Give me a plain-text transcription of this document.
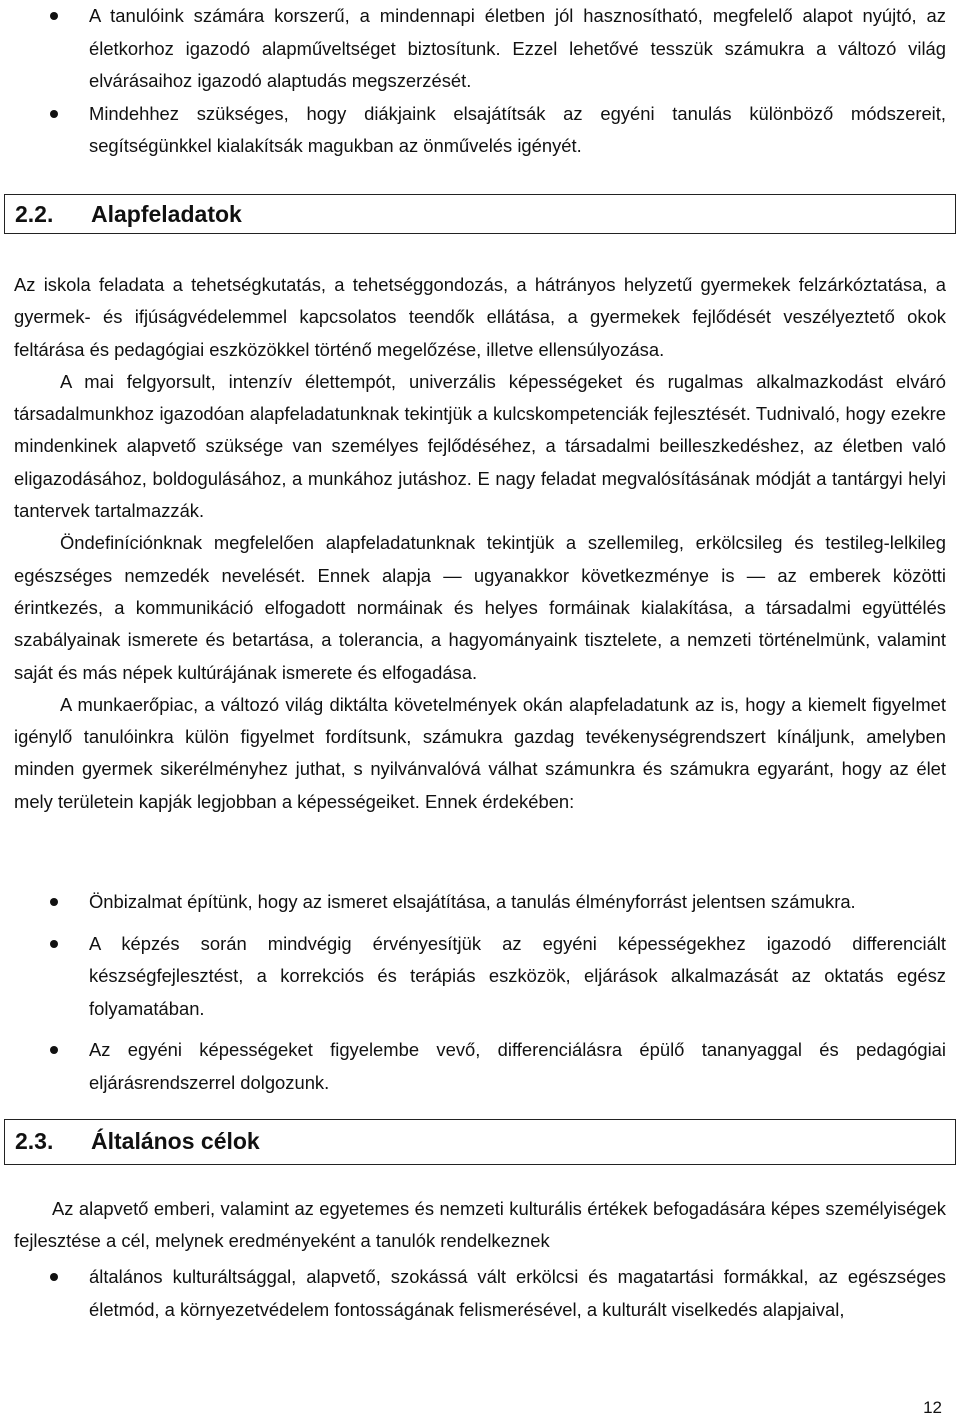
A tanulóink számára korszerű, a mindennapi életben jól hasznosítható, megfelelő alapot nyújtó, az életkorhoz igazodó alapműveltséget biztosítunk. Ezzel lehetővé tesszük számukra a változó világ elvárásaihoz igazodó alaptudás megszerzését.
Mindehhez szükséges, hogy diákjaink elsajátítsák az egyéni tanulás különböző módszereit, segítségünkkel kialakítsák magukban az önművelés igényét.
2.2. Alapfeladatok
Az iskola feladata a tehetségkutatás, a tehetséggondozás, a hátrányos helyzetű gyermekek felzárkóztatása, a gyermek- és ifjúságvédelemmel kapcsolatos teendők ellátása, a gyermekek fejlődését veszélyeztető okok feltárása és pedagógiai eszközökkel történő megelőzése, illetve ellensúlyozása.
A mai felgyorsult, intenzív élettempót, univerzális képességeket és rugalmas alkalmazkodást elváró társadalmunkhoz igazodóan alapfeladatunknak tekintjük a kulcskompetenciák fejlesztését. Tudnivaló, hogy ezekre mindenkinek alapvető szüksége van személyes fejlődéséhez, a társadalmi beilleszkedéshez, az életben való eligazodásához, boldogulásához, a munkához jutáshoz. E nagy feladat megvalósításának módját a tantárgyi helyi tantervek tartalmazzák.
Öndefiníciónknak megfelelően alapfeladatunknak tekintjük a szellemileg, erkölcsileg és testileg-lelkileg egészséges nemzedék nevelését. Ennek alapja — ugyanakkor következménye is — az emberek közötti érintkezés, a kommunikáció elfogadott normáinak és helyes formáinak kialakítása, a társadalmi együttélés szabályainak ismerete és betartása, a tolerancia, a hagyományaink tisztelete, a nemzeti történelmünk, valamint saját és más népek kultúrájának ismerete és elfogadása.
A munkaerőpiac, a változó világ diktálta követelmények okán alapfeladatunk az is, hogy a kiemelt figyelmet igénylő tanulóinkra külön figyelmet fordítsunk, számukra gazdag tevékenységrendszert kínáljunk, amelyben minden gyermek sikerélményhez juthat, s nyilvánvalóvá válhat számunkra és számukra egyaránt, hogy az élet mely területein kapják legjobban a képességeiket. Ennek érdekében:
Önbizalmat építünk, hogy az ismeret elsajátítása, a tanulás élményforrást jelentsen számukra.
A képzés során mindvégig érvényesítjük az egyéni képességekhez igazodó differenciált készségfejlesztést, a korrekciós és terápiás eszközök, eljárások alkalmazását az oktatás egész folyamatában.
Az egyéni képességeket figyelembe vevő, differenciálásra épülő tananyaggal és pedagógiai eljárásrendszerrel dolgozunk.
2.3. Általános célok
Az alapvető emberi, valamint az egyetemes és nemzeti kulturális értékek befogadására képes személyiségek fejlesztése a cél, melynek eredményeként a tanulók rendelkeznek
általános kulturáltsággal, alapvető, szokássá vált erkölcsi és magatartási formákkal, az egészséges életmód, a környezetvédelem fontosságának felismerésével, a kulturált viselkedés alapjaival,
12
